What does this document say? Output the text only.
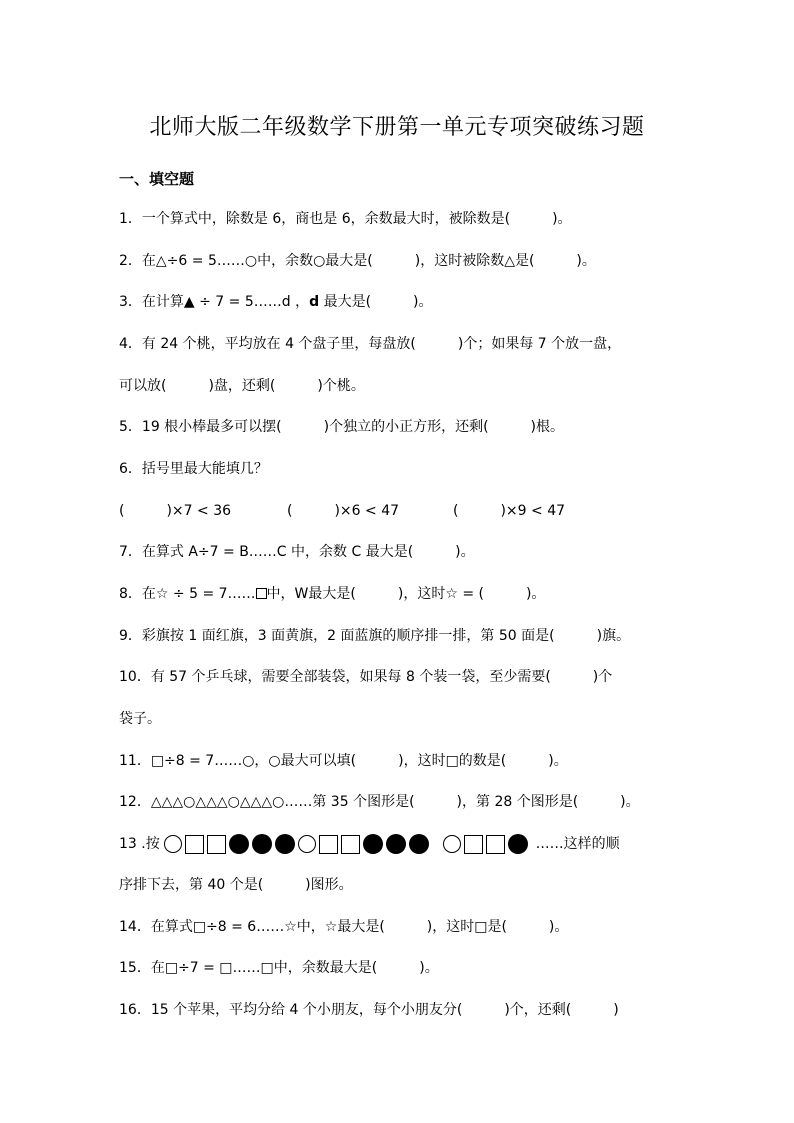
北师大版二年级数学下册第一单元专项突破练习题
一、填空题
1．一个算式中，除数是 6，商也是 6，余数最大时，被除数是(　　　)。
2．在△÷6 = 5……○中，余数○最大是(　　　)，这时被除数△是(　　　)。
3．在计算▲ ÷ 7 = 5……d ，d 最大是(　　　)。
4．有 24 个桃，平均放在 4 个盘子里，每盘放(　　　)个；如果每 7 个放一盘，
可以放(　　　)盘，还剩(　　　)个桃。
5．19 根小棒最多可以摆(　　　)个独立的小正方形，还剩(　　　)根。
6．括号里最大能填几？
(　　　)×7 < 36	(　　　)×6 < 47	(　　　)×9 < 47
7．在算式 A÷7 = B……C 中，余数 C 最大是(　　　)。
8．在☆ ÷ 5 = 7…… 中，W最大是(　　　)，这时☆ = (　　　)。
9．彩旗按 1 面红旗，3 面黄旗，2 面蓝旗的顺序排一排，第 50 面是(　　　)旗。
10．有 57 个乒乓球，需要全部装袋，如果每 8 个装一袋，至少需要(　　　)个
袋子。
11．□÷8 = 7……○，○最大可以填(　　　)，这时□的数是(　　　)。
12．△△△○△△△○△△△○……第 35 个图形是(　　　)，第 28 个图形是(　　　)。
13 .按	……这样的顺
序排下去，第 40 个是(　　　)图形。
14．在算式□÷8 = 6……☆中，☆最大是(　　　)，这时□是(　　　)。
15．在□÷7 = □……□中，余数最大是(　　　)。
16．15 个苹果，平均分给 4 个小朋友，每个小朋友分(　　　)个，还剩(　　　)
